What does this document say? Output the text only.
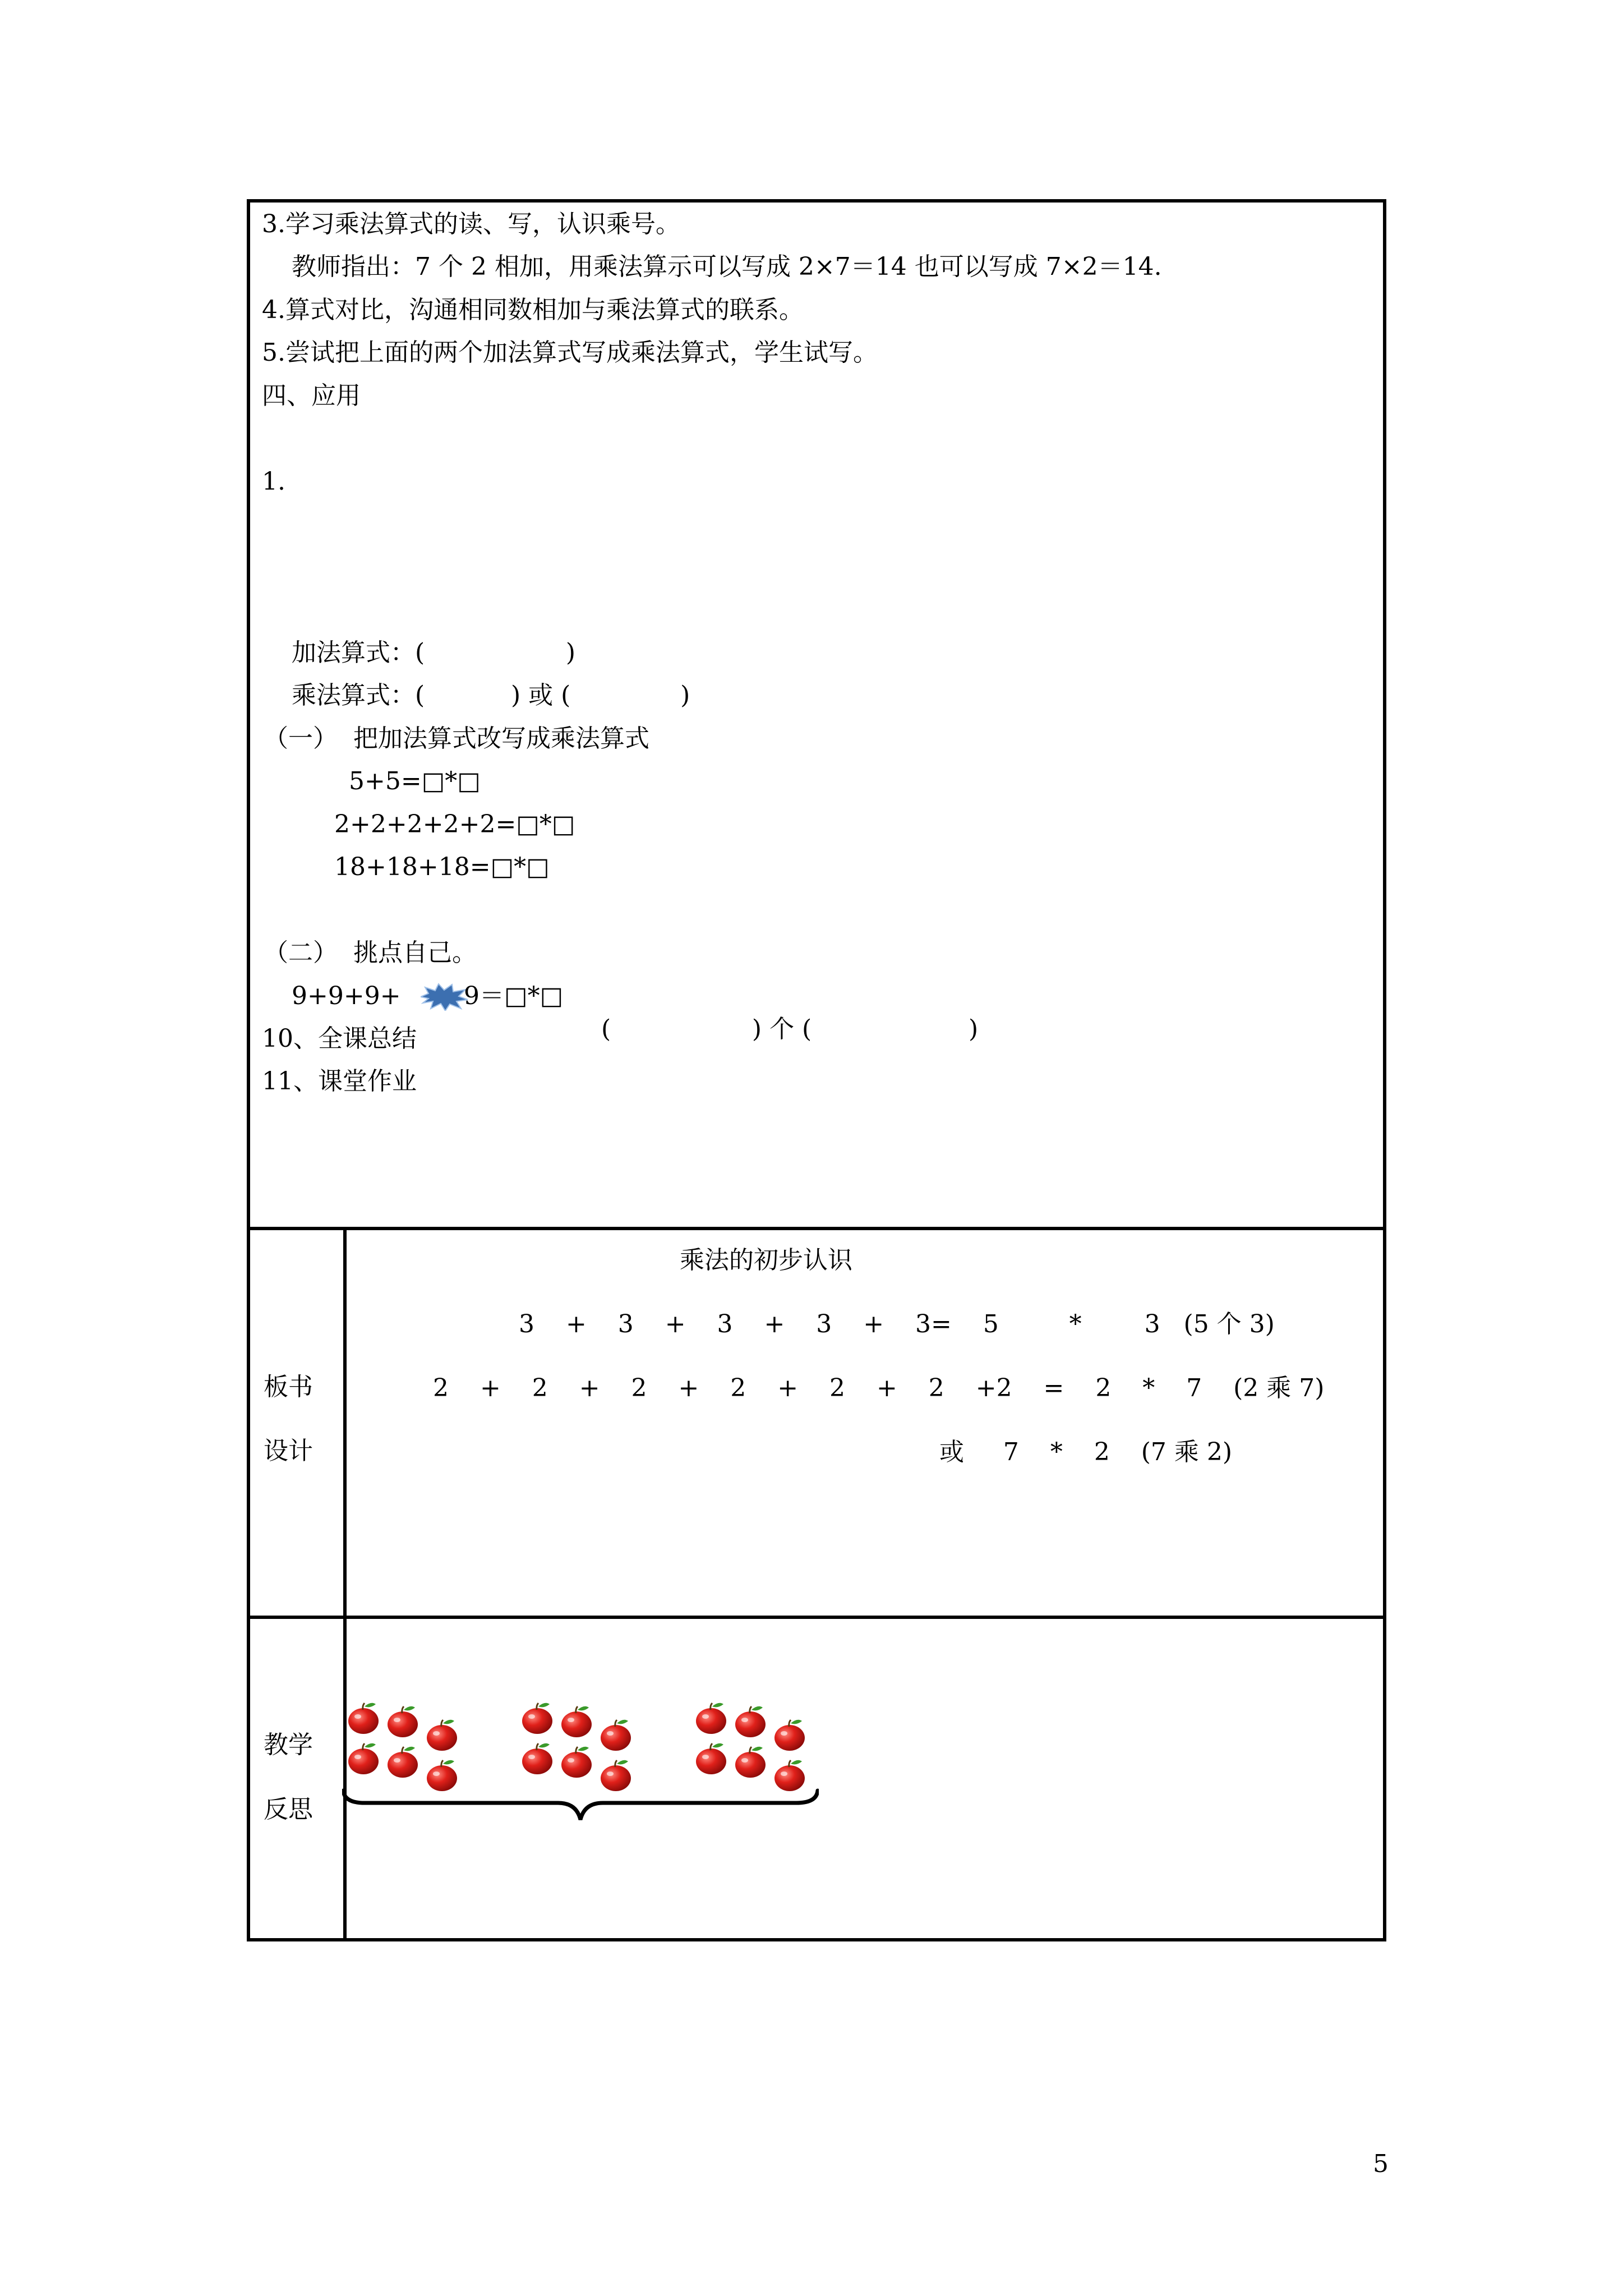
3.学习乘法算式的读、写，认识乘号。
教师指出：7 个 2 相加，用乘法算示可以写成 2×7＝14 也可以写成 7×2＝14.
4.算式对比，沟通相同数相加与乘法算式的联系。
5.尝试把上面的两个加法算式写成乘法算式，学生试写。
四、应用
1.
加法算式：(                  )
乘法算式：(           ) 或 (              )
（一）  把加法算式改写成乘法算式
5+5=□*□
2+2+2+2+2=□*□
18+18+18=□*□
（二）  挑点自己。
9+9+9+	9＝□*□
(                  ) 个 (                    )
10、全课总结
11、课堂作业
板书
设计
乘法的初步认识
3    +    3    +    3    +    3    +    3=    5         *        3   (5 个 3)
2    +    2    +    2    +    2    +    2    +    2    +2    =    2    *    7    (2 乘 7)
或     7    *    2    (7 乘 2)
教学
反思
5
